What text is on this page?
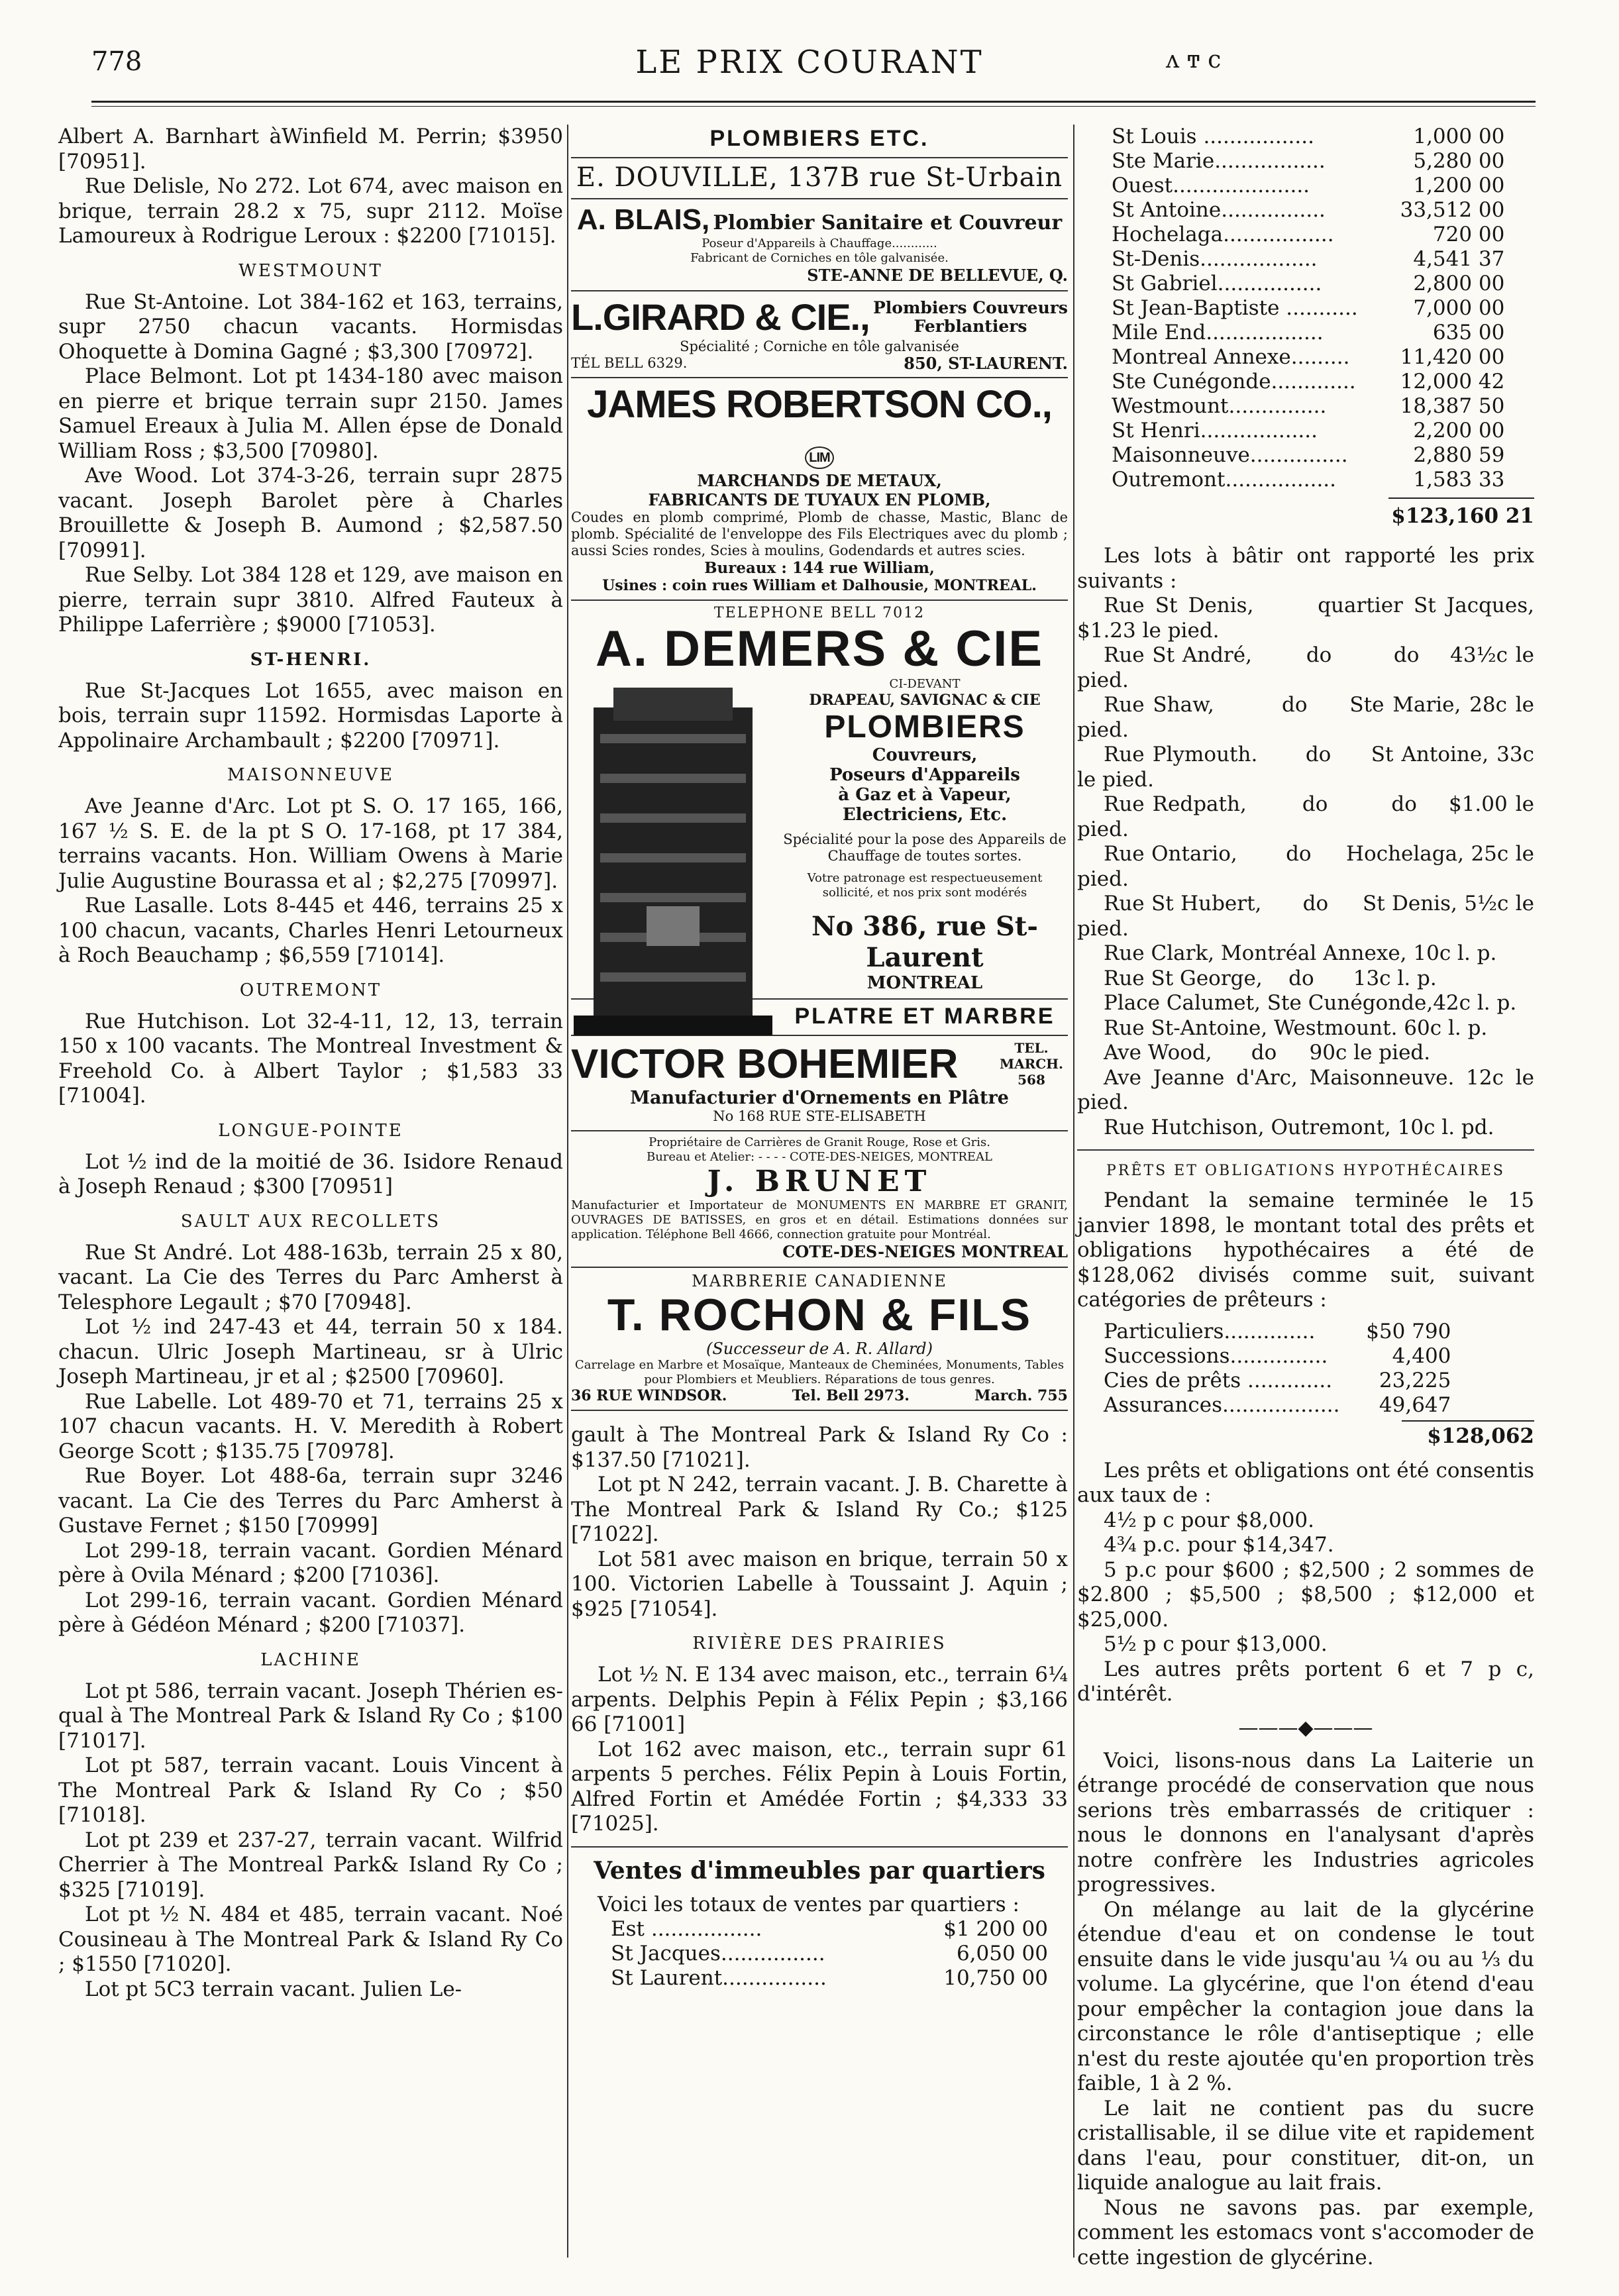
778	LE PRIX COURANT	ʌ ͳ c

Albert A. Barnhart àWinfield M. Perrin; $3950 [70951].

Rue Delisle, No 272. Lot 674, avec maison en brique, terrain 28.2 x 75, supr 2112. Moïse Lamoureux à Rodrigue Leroux : $2200 [71015].

WESTMOUNT

Rue St-Antoine. Lot 384-162 et 163, terrains, supr 2750 chacun vacants. Hormisdas Ohoquette à Domina Gagné ; $3,300 [70972].

Place Belmont. Lot pt 1434-180 avec maison en pierre et brique terrain supr 2150. James Samuel Ereaux à Julia M. Allen épse de Donald William Ross ; $3,500 [70980].

Ave Wood. Lot 374-3-26, terrain supr 2875 vacant. Joseph Barolet père à Charles Brouillette & Joseph B. Aumond ; $2,587.50 [70991].

Rue Selby. Lot 384 128 et 129, ave maison en pierre, terrain supr 3810. Alfred Fauteux à Philippe Laferrière ; $9000 [71053].

ST-HENRI.

Rue St-Jacques Lot 1655, avec maison en bois, terrain supr 11592. Hormisdas Laporte à Appolinaire Archambault ; $2200 [70971].

MAISONNEUVE

Ave Jeanne d'Arc. Lot pt S. O. 17 165, 166, 167 ½ S. E. de la pt S O. 17-168, pt 17 384, terrains vacants. Hon. William Owens à Marie Julie Augustine Bourassa et al ; $2,275 [70997].

Rue Lasalle. Lots 8-445 et 446, terrains 25 x 100 chacun, vacants, Charles Henri Letourneux à Roch Beauchamp ; $6,559 [71014].

OUTREMONT

Rue Hutchison. Lot 32-4-11, 12, 13, terrain 150 x 100 vacants. The Montreal Investment & Freehold Co. à Albert Taylor ; $1,583 33 [71004].

LONGUE-POINTE

Lot ½ ind de la moitié de 36. Isidore Renaud à Joseph Renaud ; $300 [70951]

SAULT AUX RECOLLETS

Rue St André. Lot 488-163b, terrain 25 x 80, vacant. La Cie des Terres du Parc Amherst à Telesphore Legault ; $70 [70948].

Lot ½ ind 247-43 et 44, terrain 50 x 184. chacun. Ulric Joseph Martineau, sr à Ulric Joseph Martineau, jr et al ; $2500 [70960].

Rue Labelle. Lot 489-70 et 71, terrains 25 x 107 chacun vacants. H. V. Meredith à Robert George Scott ; $135.75 [70978].

Rue Boyer. Lot 488-6a, terrain supr 3246 vacant. La Cie des Terres du Parc Amherst à Gustave Fernet ; $150 [70999]

Lot 299-18, terrain vacant. Gordien Ménard père à Ovila Ménard ; $200 [71036].

Lot 299-16, terrain vacant. Gordien Ménard père à Gédéon Ménard ; $200 [71037].

LACHINE

Lot pt 586, terrain vacant. Joseph Thérien es-qual à The Montreal Park & Island Ry Co ; $100 [71017].

Lot pt 587, terrain vacant. Louis Vincent à The Montreal Park & Island Ry Co ; $50 [71018].

Lot pt 239 et 237-27, terrain vacant. Wilfrid Cherrier à The Montreal Park& Island Ry Co ; $325 [71019].

Lot pt ½ N. 484 et 485, terrain vacant. Noé Cousineau à The Montreal Park & Island Ry Co ; $1550 [71020].

Lot pt 5C3 terrain vacant. Julien Le-

PLOMBIERS ETC.
E. DOUVILLE, 137B rue St-Urbain
A. BLAIS, Plombier Sanitaire et Couvreur
Poseur d'Appareils à Chauffage............
Fabricant de Corniches en tôle galvanisée.
STE-ANNE DE BELLEVUE, Q.
L.GIRARD & CIE., Plombiers Couvreurs
Ferblantiers
Spécialité ; Corniche en tôle galvanisée
TÉL BELL 6329.	850, ST-LAURENT.
JAMES ROBERTSON CO., LIM
MARCHANDS DE METAUX,
FABRICANTS DE TUYAUX EN PLOMB,
Coudes en plomb comprimé, Plomb de chasse, Mastic, Blanc de plomb. Spécialité de l'enveloppe des Fils Electriques avec du plomb ; aussi Scies rondes, Scies à moulins, Godendards et autres scies.
Bureaux : 144 rue William,
Usines : coin rues William et Dalhousie, MONTREAL.
TELEPHONE BELL 7012
A. DEMERS & CIE
CI-DEVANT
DRAPEAU, SAVIGNAC & CIE
PLOMBIERS
Couvreurs,
Poseurs d'Appareils
à Gaz et à Vapeur,
Electriciens, Etc.
Spécialité pour la pose des Appareils de Chauffage de toutes sortes.
Votre patronage est respectueusement sollicité, et nos prix sont modérés
No 386, rue St-Laurent
MONTREAL
PLATRE ET MARBRE
VICTOR BOHEMIER	TEL. MARCH. 568
Manufacturier d'Ornements en Plâtre
No 168 RUE STE-ELISABETH
Propriétaire de Carrières de Granit Rouge, Rose et Gris.
Bureau et Atelier: - - - - COTE-DES-NEIGES, MONTREAL
J. BRUNET
Manufacturier et Importateur de MONUMENTS EN MARBRE ET GRANIT, OUVRAGES DE BATISSES, en gros et en détail. Estimations données sur application. Téléphone Bell 4666, connection gratuite pour Montréal.
COTE-DES-NEIGES MONTREAL
MARBRERIE CANADIENNE
T. ROCHON & FILS
(Successeur de A. R. Allard)
Carrelage en Marbre et Mosaïque, Manteaux de Cheminées, Monuments, Tables pour Plombiers et Meubliers. Réparations de tous genres.
36 RUE WINDSOR.	Tel. Bell 2973.	March. 755

gault à The Montreal Park & Island Ry Co : $137.50 [71021].

Lot pt N 242, terrain vacant. J. B. Charette à The Montreal Park & Island Ry Co.; $125 [71022].

Lot 581 avec maison en brique, terrain 50 x 100. Victorien Labelle à Toussaint J. Aquin ; $925 [71054].

RIVIÈRE DES PRAIRIES

Lot ½ N. E 134 avec maison, etc., terrain 6¼ arpents. Delphis Pepin à Félix Pepin ; $3,166 66 [71001]

Lot 162 avec maison, etc., terrain supr 61 arpents 5 perches. Félix Pepin à Louis Fortin, Alfred Fortin et Amédée Fortin ; $4,333 33 [71025].

Ventes d'immeubles par quartiers

Voici les totaux de ventes par quartiers :

Est .................	$1 200 00
St Jacques................	6,050 00
St Laurent................	10,750 00
St Louis .................	1,000 00
Ste Marie.................	5,280 00
Ouest.....................	1,200 00
St Antoine................	33,512 00
Hochelaga.................	720 00
St-Denis..................	4,541 37
St Gabriel................	2,800 00
St Jean-Baptiste ...........	7,000 00
Mile End..................	635 00
Montreal Annexe.........	11,420 00
Ste Cunégonde.............	12,000 42
Westmount...............	18,387 50
St Henri..................	2,200 00
Maisonneuve...............	2,880 59
Outremont.................	1,583 33
$123,160 21

Les lots à bâtir ont rapporté les prix suivants :

Rue St Denis,      quartier St Jacques, $1.23 le pied.

Rue St André,       do        do    43½c le pied.

Rue Shaw,        do     Ste Marie, 28c le pied.

Rue Plymouth.      do     St Antoine, 33c le pied.

Rue Redpath,       do        do    $1.00 le pied.

Rue Ontario,       do     Hochelaga, 25c le pied.

Rue St Hubert,      do     St Denis, 5½c le pied.

Rue Clark, Montréal Annexe, 10c l. p.

Rue St George,    do      13c l. p.

Place Calumet, Ste Cunégonde,42c l. p.

Rue St-Antoine, Westmount. 60c l. p.

Ave Wood,      do     90c le pied.

Ave Jeanne d'Arc, Maisonneuve. 12c le pied.

Rue Hutchison, Outremont, 10c l. pd.

PRÊTS ET OBLIGATIONS HYPOTHÉCAIRES

Pendant la semaine terminée le 15 janvier 1898, le montant total des prêts et obligations hypothécaires a été de $128,062 divisés comme suit, suivant catégories de prêteurs :

Particuliers..............	$50 790
Successions...............	4,400
Cies de prêts .............	23,225
Assurances..................	49,647
$128,062

Les prêts et obligations ont été consentis aux taux de :

4½ p c pour $8,000.

4¾ p.c. pour $14,347.

5 p.c pour $600 ; $2,500 ; 2 sommes de $2.800 ; $5,500 ; $8,500 ; $12,000 et $25,000.

5½ p c pour $13,000.

Les autres prêts portent 6 et 7 p c, d'intérêt.

———◆———

Voici, lisons-nous dans La Laiterie un étrange procédé de conservation que nous serions très embarrassés de critiquer : nous le donnons en l'analysant d'après notre confrère les Industries agricoles progressives.

On mélange au lait de la glycérine étendue d'eau et on condense le tout ensuite dans le vide jusqu'au ¼ ou au ⅓ du volume. La glycérine, que l'on étend d'eau pour empêcher la contagion joue dans la circonstance le rôle d'antiseptique ; elle n'est du reste ajoutée qu'en proportion très faible, 1 à 2 %.

Le lait ne contient pas du sucre cristallisable, il se dilue vite et rapidement dans l'eau, pour constituer, dit-on, un liquide analogue au lait frais.

Nous ne savons pas. par exemple, comment les estomacs vont s'accomoder de cette ingestion de glycérine.
